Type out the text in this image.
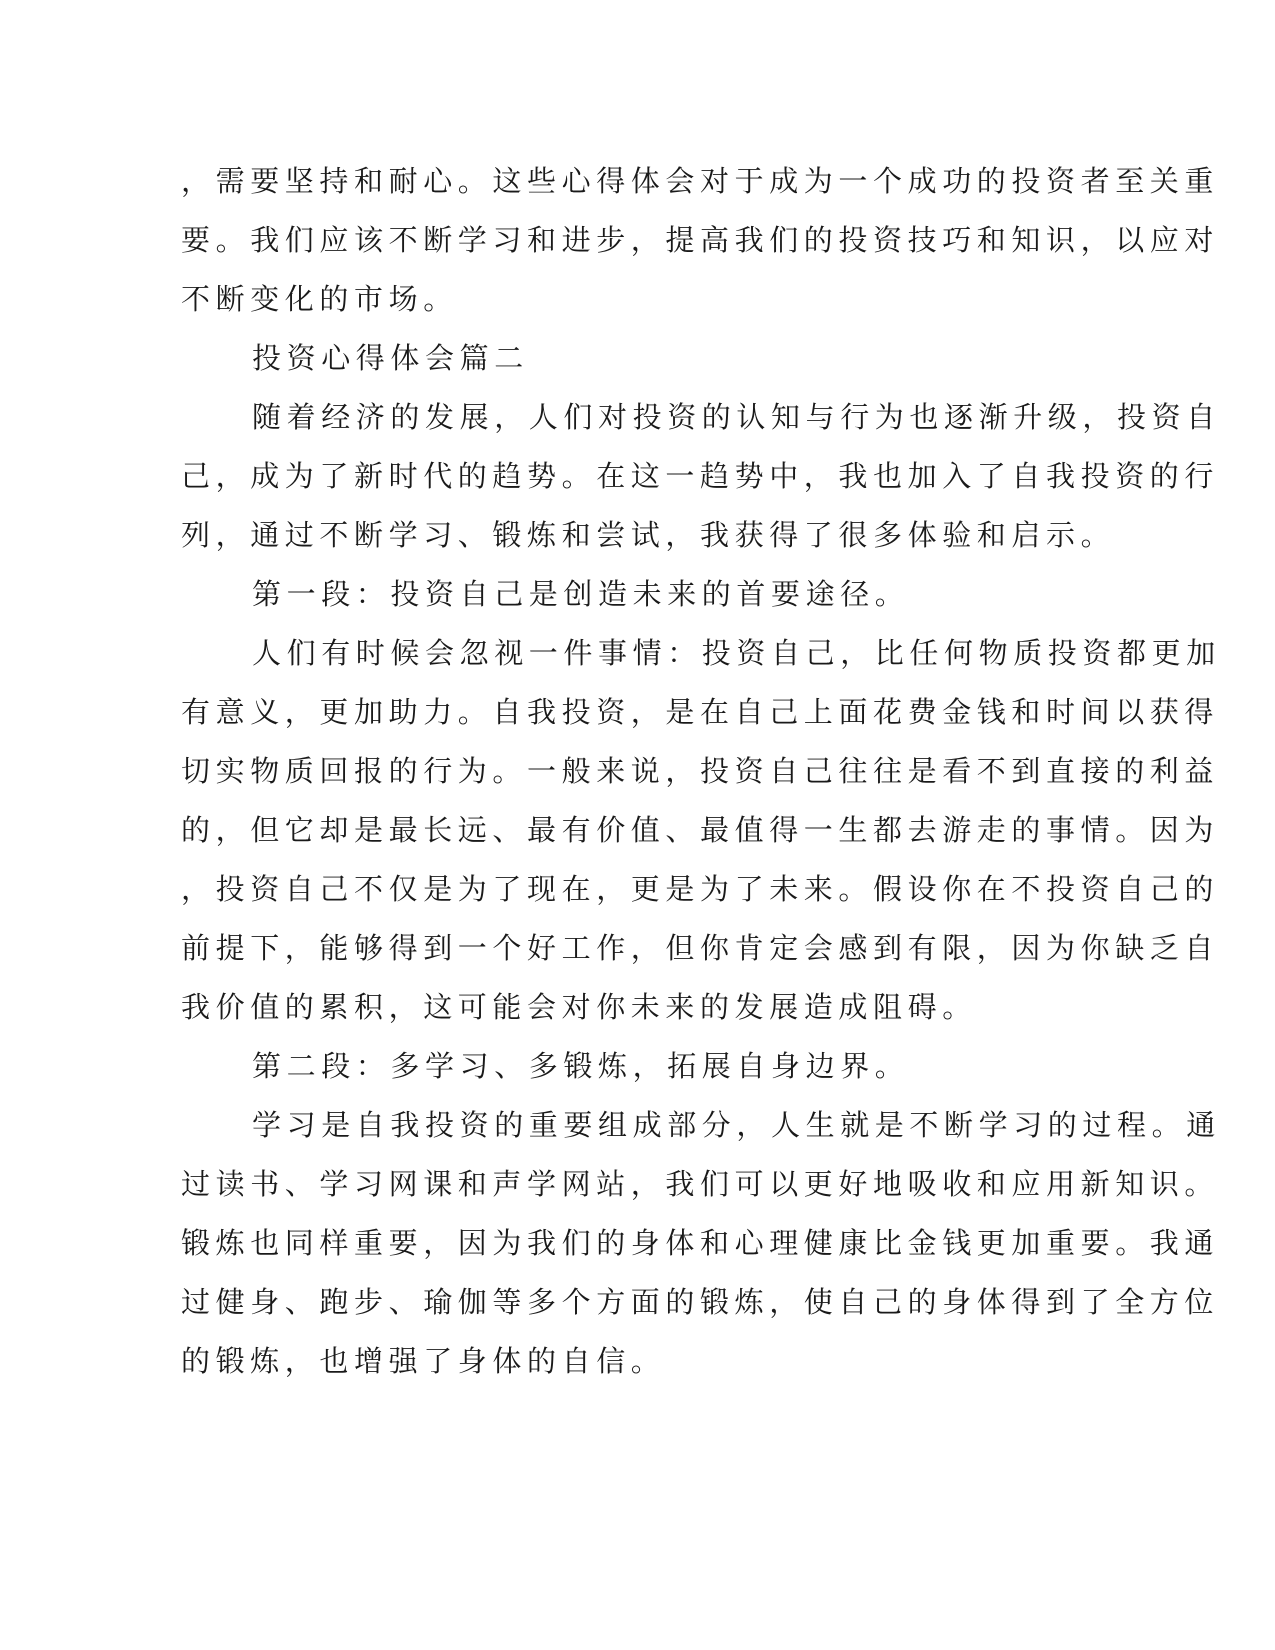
，需要坚持和耐心。这些心得体会对于成为一个成功的投资者至关重
要。我们应该不断学习和进步，提高我们的投资技巧和知识，以应对
不断变化的市场。
投资心得体会篇二
随着经济的发展，人们对投资的认知与行为也逐渐升级，投资自
己，成为了新时代的趋势。在这一趋势中，我也加入了自我投资的行
列，通过不断学习、锻炼和尝试，我获得了很多体验和启示。
第一段：投资自己是创造未来的首要途径。
人们有时候会忽视一件事情：投资自己，比任何物质投资都更加
有意义，更加助力。自我投资，是在自己上面花费金钱和时间以获得
切实物质回报的行为。一般来说，投资自己往往是看不到直接的利益
的，但它却是最长远、最有价值、最值得一生都去游走的事情。因为
，投资自己不仅是为了现在，更是为了未来。假设你在不投资自己的
前提下，能够得到一个好工作，但你肯定会感到有限，因为你缺乏自
我价值的累积，这可能会对你未来的发展造成阻碍。
第二段：多学习、多锻炼，拓展自身边界。
学习是自我投资的重要组成部分，人生就是不断学习的过程。通
过读书、学习网课和声学网站，我们可以更好地吸收和应用新知识。
锻炼也同样重要，因为我们的身体和心理健康比金钱更加重要。我通
过健身、跑步、瑜伽等多个方面的锻炼，使自己的身体得到了全方位
的锻炼，也增强了身体的自信。
